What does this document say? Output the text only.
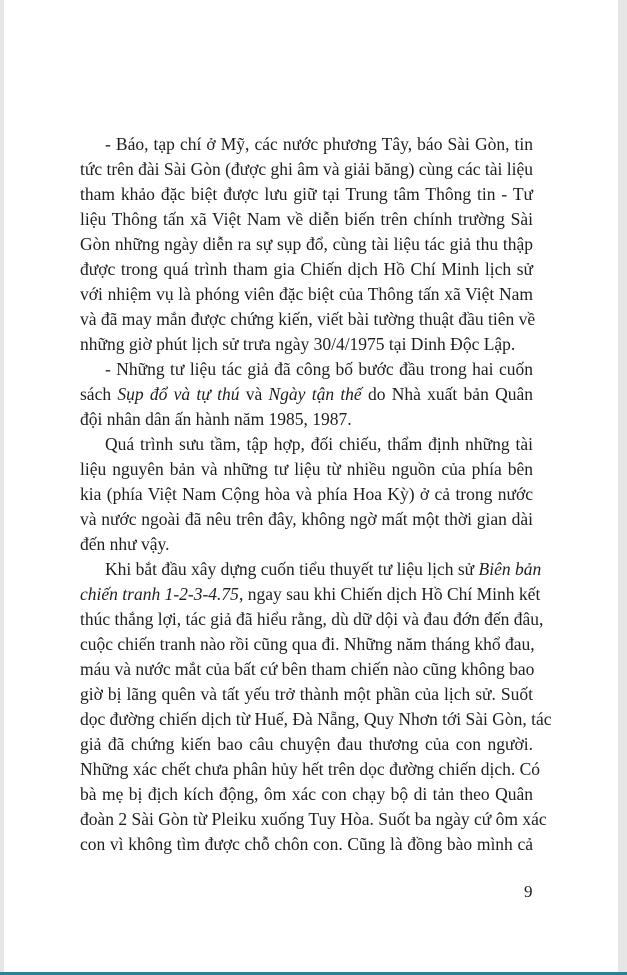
- Báo, tạp chí ở Mỹ, các nước phương Tây, báo Sài Gòn, tin
tức trên đài Sài Gòn (được ghi âm và giải băng) cùng các tài liệu
tham khảo đặc biệt được lưu giữ tại Trung tâm Thông tin - Tư
liệu Thông tấn xã Việt Nam về diễn biến trên chính trường Sài
Gòn những ngày diễn ra sự sụp đổ, cùng tài liệu tác giả thu thập
được trong quá trình tham gia Chiến dịch Hồ Chí Minh lịch sử
với nhiệm vụ là phóng viên đặc biệt của Thông tấn xã Việt Nam
và đã may mắn được chứng kiến, viết bài tường thuật đầu tiên về
những giờ phút lịch sử trưa ngày 30/4/1975 tại Dinh Độc Lập.
- Những tư liệu tác giả đã công bố bước đầu trong hai cuốn
sách Sụp đổ và tự thú và Ngày tận thế do Nhà xuất bản Quân
đội nhân dân ấn hành năm 1985, 1987.
Quá trình sưu tầm, tập hợp, đối chiếu, thẩm định những tài
liệu nguyên bản và những tư liệu từ nhiều nguồn của phía bên
kia (phía Việt Nam Cộng hòa và phía Hoa Kỳ) ở cả trong nước
và nước ngoài đã nêu trên đây, không ngờ mất một thời gian dài
đến như vậy.
Khi bắt đầu xây dựng cuốn tiểu thuyết tư liệu lịch sử Biên bản
chiến tranh 1-2-3-4.75, ngay sau khi Chiến dịch Hồ Chí Minh kết
thúc thắng lợi, tác giả đã hiểu rằng, dù dữ dội và đau đớn đến đâu,
cuộc chiến tranh nào rồi cũng qua đi. Những năm tháng khổ đau,
máu và nước mắt của bất cứ bên tham chiến nào cũng không bao
giờ bị lãng quên và tất yếu trở thành một phần của lịch sử. Suốt
dọc đường chiến dịch từ Huế, Đà Nẵng, Quy Nhơn tới Sài Gòn, tác
giả đã chứng kiến bao câu chuyện đau thương của con người.
Những xác chết chưa phân hủy hết trên dọc đường chiến dịch. Có
bà mẹ bị địch kích động, ôm xác con chạy bộ di tản theo Quân
đoàn 2 Sài Gòn từ Pleiku xuống Tuy Hòa. Suốt ba ngày cứ ôm xác
con vì không tìm được chỗ chôn con. Cũng là đồng bào mình cả
9
